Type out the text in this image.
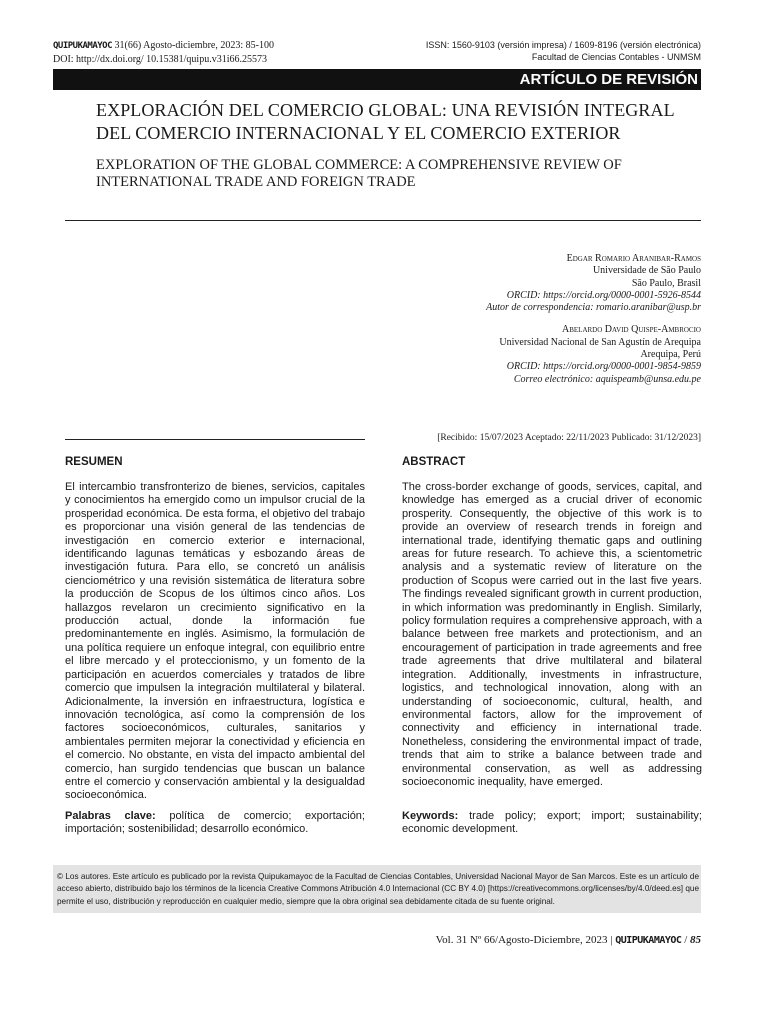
QUIPUKAMAYOC 31(66) Agosto-diciembre, 2023: 85-100
DOI: http://dx.doi.org/ 10.15381/quipu.v31i66.25573
ISSN: 1560-9103 (versión impresa) / 1609-8196 (versión electrónica)
Facultad de Ciencias Contables - UNMSM
ARTÍCULO DE REVISIÓN
EXPLORACIÓN DEL COMERCIO GLOBAL: UNA REVISIÓN INTEGRAL
DEL COMERCIO INTERNACIONAL Y EL COMERCIO EXTERIOR
EXPLORATION OF THE GLOBAL COMMERCE: A COMPREHENSIVE REVIEW OF
INTERNATIONAL TRADE AND FOREIGN TRADE
Edgar Romario Aranibar-Ramos
Universidade de São Paulo
São Paulo, Brasil
ORCID: https://orcid.org/0000-0001-5926-8544
Autor de correspondencia: romario.aranibar@usp.br
Abelardo David Quispe-Ambrocio
Universidad Nacional de San Agustín de Arequipa
Arequipa, Perú
ORCID: https://orcid.org/0000-0001-9854-9859
Correo electrónico: aquispeamb@unsa.edu.pe
[Recibido: 15/07/2023 Aceptado: 22/11/2023 Publicado: 31/12/2023]
RESUMEN
El intercambio transfronterizo de bienes, servicios, capitales y conocimientos ha emergido como un impulsor crucial de la prosperidad económica. De esta forma, el objetivo del trabajo es proporcionar una visión general de las tendencias de investigación en comercio exterior e internacional, identificando lagunas temáticas y esbozando áreas de investigación futura. Para ello, se concretó un análisis cienciométrico y una revisión sistemática de literatura sobre la producción de Scopus de los últimos cinco años. Los hallazgos revelaron un crecimiento significativo en la producción actual, donde la información fue predominantemente en inglés. Asimismo, la formulación de una política requiere un enfoque integral, con equilibrio entre el libre mercado y el proteccionismo, y un fomento de la participación en acuerdos comerciales y tratados de libre comercio que impulsen la integración multilateral y bilateral. Adicionalmente, la inversión en infraestructura, logística e innovación tecnológica, así como la comprensión de los factores socioeconómicos, culturales, sanitarios y ambientales permiten mejorar la conectividad y eficiencia en el comercio. No obstante, en vista del impacto ambiental del comercio, han surgido tendencias que buscan un balance entre el comercio y conservación ambiental y la desigualdad socioeconómica.
Palabras clave: política de comercio; exportación; importación; sostenibilidad; desarrollo económico.
ABSTRACT
The cross-border exchange of goods, services, capital, and knowledge has emerged as a crucial driver of economic prosperity. Consequently, the objective of this work is to provide an overview of research trends in foreign and international trade, identifying thematic gaps and outlining areas for future research. To achieve this, a scientometric analysis and a systematic review of literature on the production of Scopus were carried out in the last five years. The findings revealed significant growth in current production, in which information was predominantly in English. Similarly, policy formulation requires a comprehensive approach, with a balance between free markets and protectionism, and an encouragement of participation in trade agreements and free trade agreements that drive multilateral and bilateral integration. Additionally, investments in infrastructure, logistics, and technological innovation, along with an understanding of socioeconomic, cultural, health, and environmental factors, allow for the improvement of connectivity and efficiency in international trade. Nonetheless, considering the environmental impact of trade, trends that aim to strike a balance between trade and environmental conservation, as well as addressing socioeconomic inequality, have emerged.
Keywords: trade policy; export; import; sustainability; economic development.
© Los autores. Este artículo es publicado por la revista Quipukamayoc de la Facultad de Ciencias Contables, Universidad Nacional Mayor de San Marcos. Este es un artículo de acceso abierto, distribuido bajo los términos de la licencia Creative Commons Atribución 4.0 Internacional (CC BY 4.0) [https://creativecommons.org/licenses/by/4.0/deed.es] que permite el uso, distribución y reproducción en cualquier medio, siempre que la obra original sea debidamente citada de su fuente original.
Vol. 31 Nº 66/Agosto-Diciembre, 2023 | QUIPUKAMAYOC / 85
